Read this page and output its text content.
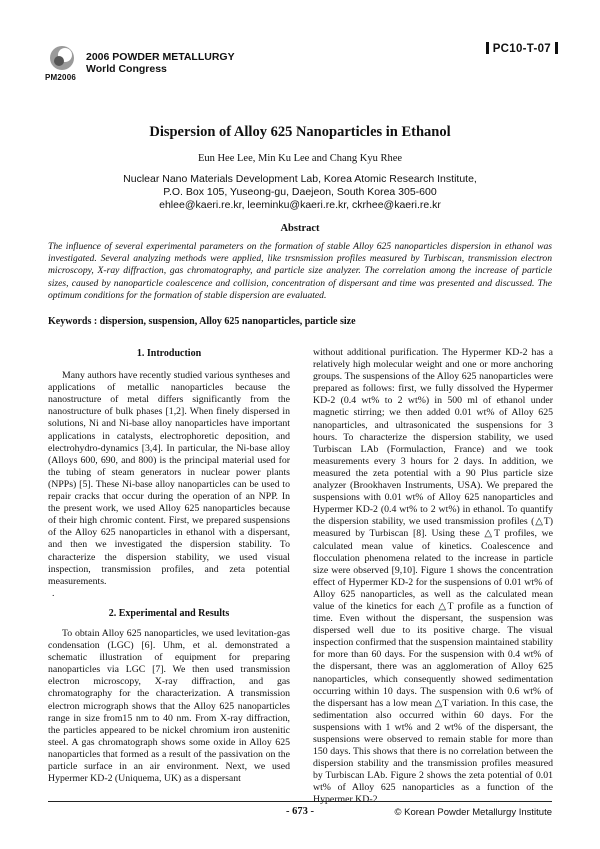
PM2006
2006 POWDER METALLURGY
World Congress
PC10-T-07
Dispersion of Alloy 625 Nanoparticles in Ethanol
Eun Hee Lee, Min Ku Lee and Chang Kyu Rhee
Nuclear Nano Materials Development Lab, Korea Atomic Research Institute,
P.O. Box 105, Yuseong-gu, Daejeon, South Korea 305-600
ehlee@kaeri.re.kr, leeminku@kaeri.re.kr, ckrhee@kaeri.re.kr
Abstract
The influence of several experimental parameters on the formation of stable Alloy 625 nanoparticles dispersion in ethanol was investigated. Several analyzing methods were applied, like trsnsmission profiles measured by Turbiscan, transmission electron microscopy, X-ray diffraction, gas chromatography, and particle size analyzer. The correlation among the increase of particle sizes, caused by nanoparticle coalescence and collision, concentration of dispersant and time was presented and discussed. The optimum conditions for the formation of stable dispersion are evaluated.
Keywords : dispersion, suspension, Alloy 625 nanoparticles, particle size
1. Introduction

Many authors have recently studied various syntheses and applications of metallic nanoparticles because the nanostructure of metal differs significantly from the nanostructure of bulk phases [1,2]. When finely dispersed in solutions, Ni and Ni-base alloy nanoparticles have important applications in catalysts, electrophoretic deposition, and electrohydro-dynamics [3,4]. In particular, the Ni-base alloy (Alloys 600, 690, and 800) is the principal material used for the tubing of steam generators in nuclear power plants (NPPs) [5]. These Ni-base alloy nanoparticles can be used to repair cracks that occur during the operation of an NPP. In the present work, we used Alloy 625 nanoparticles because of their high chromic content. First, we prepared suspensions of the Alloy 625 nanoparticles in ethanol with a dispersant, and then we investigated the dispersion stability. To characterize the dispersion stability, we used visual inspection, transmission profiles, and zeta potential measurements.

.

2. Experimental and Results

To obtain Alloy 625 nanoparticles, we used levitation-gas condensation (LGC) [6]. Uhm, et al. demonstrated a schematic illustration of equipment for preparing nanoparticles via LGC [7]. We then used transmission electron microscopy, X-ray diffraction, and gas chromatography for the characterization. A transmission electron micrograph shows that the Alloy 625 nanoparticles range in size from15 nm to 40 nm. From X-ray diffraction, the particles appeared to be nickel chromium iron austenitic steel. A gas chromatograph shows some oxide in Alloy 625 nanoparticles that formed as a result of the passivation on the particle surface in an air environment. Next, we used Hypermer KD-2 (Uniquema, UK) as a dispersant

without additional purification. The Hypermer KD-2 has a relatively high molecular weight and one or more anchoring groups. The suspensions of the Alloy 625 nanoparticles were prepared as follows: first, we fully dissolved the Hypermer KD-2 (0.4 wt% to 2 wt%) in 500 ml of ethanol under magnetic stirring; we then added 0.01 wt% of Alloy 625 nanoparticles, and ultrasonicated the suspensions for 3 hours. To characterize the dispersion stability, we used Turbiscan LAb (Formulaction, France) and we took measurements every 3 hours for 2 days. In addition, we measured the zeta potential with a 90 Plus particle size analyzer (Brookhaven Instruments, USA). We prepared the suspensions with 0.01 wt% of Alloy 625 nanoparticles and Hypermer KD-2 (0.4 wt% to 2 wt%) in ethanol. To quantify the dispersion stability, we used transmission profiles (△T) measured by Turbiscan [8]. Using these △T profiles, we calculated mean value of kinetics. Coalescence and flocculation phenomena related to the increase in particle size were observed [9,10]. Figure 1 shows the concentration effect of Hypermer KD-2 for the suspensions of 0.01 wt% of Alloy 625 nanoparticles, as well as the calculated mean value of the kinetics for each △T profile as a function of time. Even without the dispersant, the suspension was dispersed well due to its positive charge. The visual inspection confirmed that the suspension maintained stability for more than 60 days. For the suspension with 0.4 wt% of the dispersant, there was an agglomeration of Alloy 625 nanoparticles, which consequently showed sedimentation occurring within 10 days. The suspension with 0.6 wt% of the dispersant has a low mean △T variation. In this case, the sedimentation also occurred within 60 days. For the suspensions with 1 wt% and 2 wt% of the dispersant, the suspensions were observed to remain stable for more than 150 days. This shows that there is no correlation between the dispersion stability and the transmission profiles measured by Turbiscan LAb. Figure 2 shows the zeta potential of 0.01 wt% of Alloy 625 nanoparticles as a function of the Hypermer KD-2

- 673 -	© Korean Powder Metallurgy Institute
